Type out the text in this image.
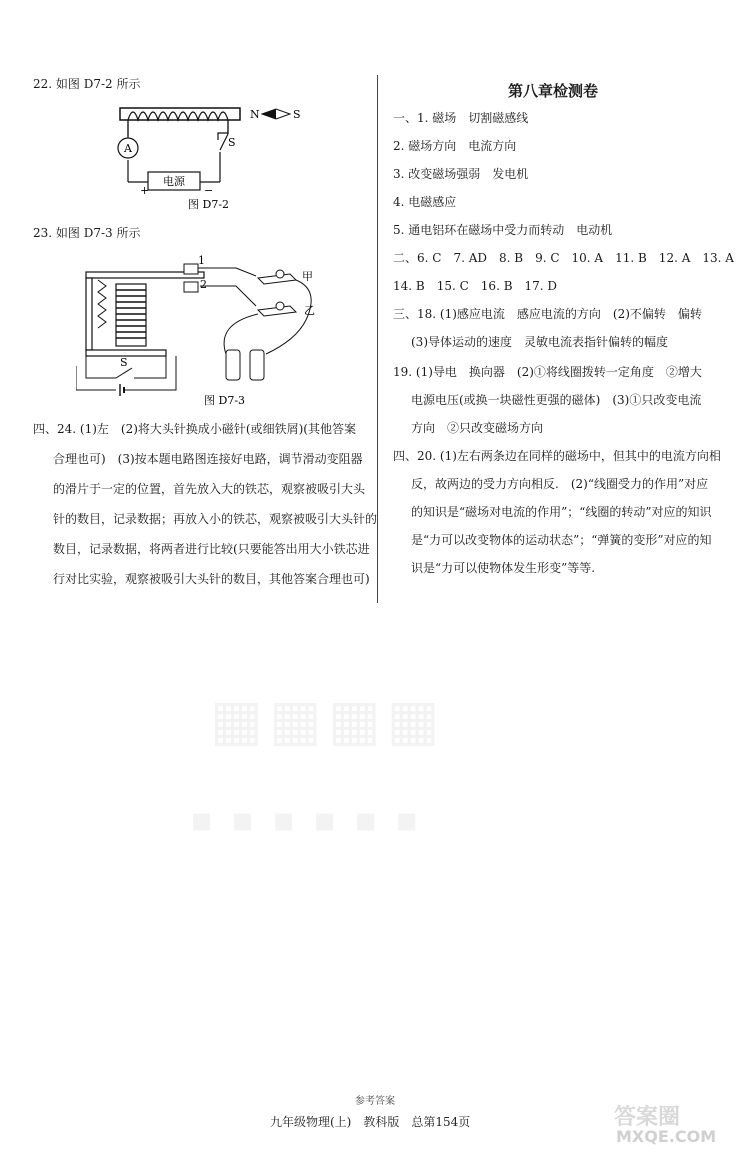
22. 如图 D7-2 所示
A	S
电源
+	−
N	S
图 D7-2
23. 如图 D7-3 所示
1
2
甲
乙
S
图 D7-3
四、24. (1)左　(2)将大头针换成小磁针(或细铁屑)(其他答案
合理也可)　(3)按本题电路图连接好电路，调节滑动变阻器
的滑片于一定的位置，首先放入大的铁芯，观察被吸引大头
针的数目，记录数据；再放入小的铁芯，观察被吸引大头针的
数目，记录数据，将两者进行比较(只要能答出用大小铁芯进
行对比实验，观察被吸引大头针的数目，其他答案合理也可)
第八章检测卷
一、1. 磁场　切割磁感线
2. 磁场方向　电流方向
3. 改变磁场强弱　发电机
4. 电磁感应
5. 通电铝环在磁场中受力而转动　电动机
二、6. C　7. AD　8. B　9. C　10. A　11. B　12. A　13. A
14. B　15. C　16. B　17. D
三、18. (1)感应电流　感应电流的方向　(2)不偏转　偏转
(3)导体运动的速度　灵敏电流表指针偏转的幅度
19. (1)导电　换向器　(2)①将线圈拨转一定角度　②增大
电源电压(或换一块磁性更强的磁体)　(3)①只改变电流
方向　②只改变磁场方向
四、20. (1)左右两条边在同样的磁场中，但其中的电流方向相
反，故两边的受力方向相反.　(2)“线圈受力的作用”对应
的知识是“磁场对电流的作用”；“线圈的转动”对应的知识
是“力可以改变物体的运动状态”；“弹簧的变形”对应的知
识是“力可以使物体发生形变”等等.
▦▦▦▦
▪▪▪▪▪▪
参考答案
九年级物理(上)　教科版　总第154页	答案圈
MXQE.COM
